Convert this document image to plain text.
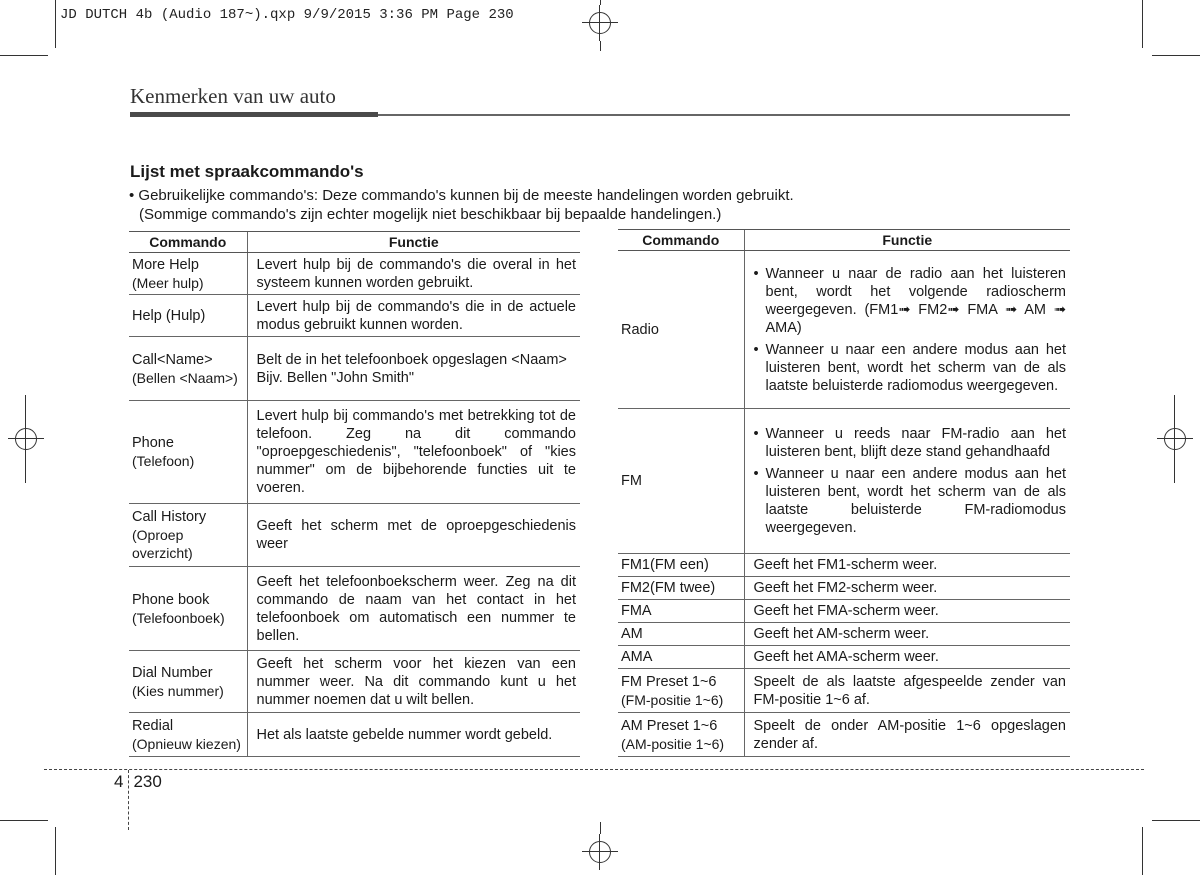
JD DUTCH 4b (Audio 187~).qxp 9/9/2015 3:36 PM Page 230
Kenmerken van uw auto
Lijst met spraakcommando's
• Gebruikelijke commando's: Deze commando's kunnen bij de meeste handelingen worden gebruikt.
(Sommige commando's zijn echter mogelijk niet beschikbaar bij bepaalde handelingen.)
Commando	Functie
More Help
(Meer hulp)	Levert hulp bij de commando's die overal in het systeem kunnen worden gebruikt.
Help (Hulp)	Levert hulp bij de commando's die in de actuele modus gebruikt kunnen worden.
Call<Name>
(Bellen <Naam>)	Belt de in het telefoonboek opgeslagen <Naam>
Bijv. Bellen "John Smith"

Phone
(Telefoon)	Levert hulp bij commando's met betrekking tot de telefoon. Zeg na dit commando "oproepgeschiedenis", "telefoonboek" of "kies nummer" om de bijbehorende functies uit te voeren.
Call History
(Oproep overzicht)	Geeft het scherm met de oproepgeschiedenis weer
Phone book
(Telefoonboek)	Geeft het telefoonboekscherm weer. Zeg na dit commando de naam van het contact in het telefoonboek om automatisch een nummer te bellen.
Dial Number
(Kies nummer)	Geeft het scherm voor het kiezen van een nummer weer. Na dit commando kunt u het nummer noemen dat u wilt bellen.
Redial
(Opnieuw kiezen)	Het als laatste gebelde nummer wordt gebeld.
Commando	Functie
Radio	• Wanneer u naar de radio aan het luisteren bent, wordt het volgende radioscherm weergegeven. (FM1➟ FM2➟ FMA ➟ AM ➟ AMA)
• Wanneer u naar een andere modus aan het luisteren bent, wordt het scherm van de als laatste beluisterde radiomodus weergegeven.

FM	• Wanneer u reeds naar FM-radio aan het luisteren bent, blijft deze stand gehandhaafd
• Wanneer u naar een andere modus aan het luisteren bent, wordt het scherm van de als laatste beluisterde FM-radiomodus weergegeven.

FM1(FM een)	Geeft het FM1-scherm weer.
FM2(FM twee)	Geeft het FM2-scherm weer.
FMA	Geeft het FMA-scherm weer.
AM	Geeft het AM-scherm weer.
AMA	Geeft het AMA-scherm weer.
FM Preset 1~6
(FM-positie 1~6)	Speelt de als laatste afgespeelde zender van FM-positie 1~6 af.
AM Preset 1~6
(AM-positie 1~6)	Speelt de onder AM-positie 1~6 opgeslagen zender af.
4 230
